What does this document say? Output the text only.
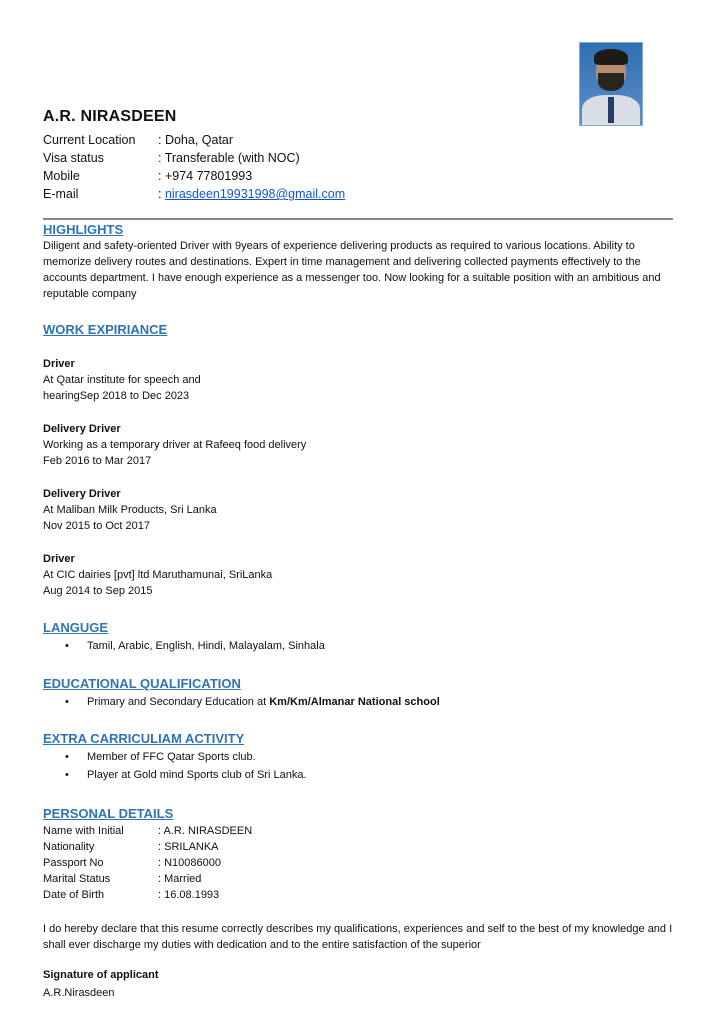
A.R. NIRASDEEN
Current Location	: Doha, Qatar
Visa status	: Transferable (with NOC)
Mobile	: +974 77801993
E-mail	: nirasdeen19931998@gmail.com
HIGHLIGHTS

Diligent and safety-oriented Driver with 9years of experience delivering products as required to various locations. Ability to memorize delivery routes and destinations. Expert in time management and delivering collected payments effectively to the accounts department. I have enough experience as a messenger too. Now looking for a suitable position with an ambitious and reputable company

WORK EXPIRIANCE
Driver
At Qatar institute for speech and
hearingSep 2018 to Dec 2023
Delivery Driver
Working as a temporary driver at Rafeeq food delivery
Feb 2016 to Mar 2017
Delivery Driver
At Maliban Milk Products, Sri Lanka
Nov 2015 to Oct 2017
Driver
At CIC dairies [pvt] ltd Maruthamunai, SriLanka
Aug 2014 to Sep 2015
LANGUGE
• Tamil, Arabic, English, Hindi, Malayalam, Sinhala
EDUCATIONAL QUALIFICATION
• Primary and Secondary Education at Km/Km/Almanar National school
EXTRA CARRICULIAM ACTIVITY
• Member of FFC Qatar Sports club.
• Player at Gold mind Sports club of Sri Lanka.
PERSONAL DETAILS
Name with Initial	: A.R. NIRASDEEN
Nationality	: SRILANKA
Passport No	: N10086000
Marital Status	: Married
Date of Birth	: 16.08.1993

I do hereby declare that this resume correctly describes my qualifications, experiences and self to the best of my knowledge and I shall ever discharge my duties with dedication and to the entire satisfaction of the superior

Signature of applicant

A.R.Nirasdeen
